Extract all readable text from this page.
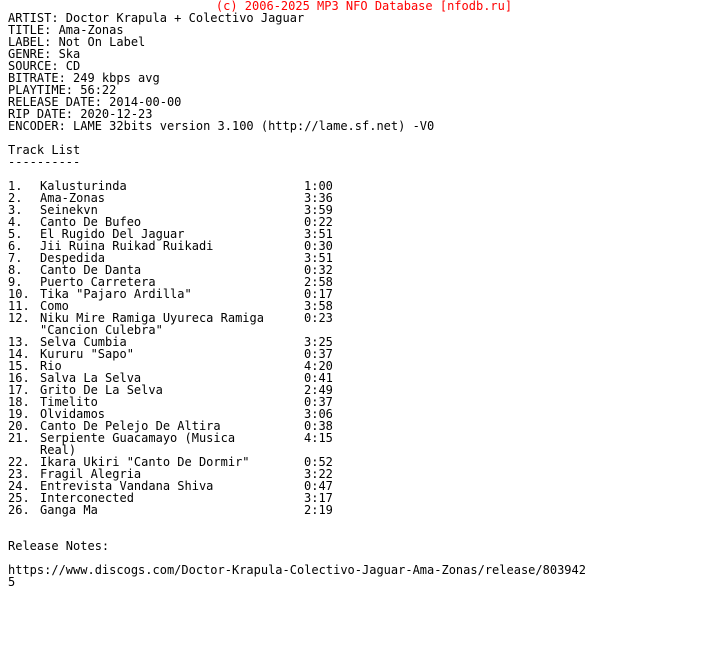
(c) 2006-2025 MP3 NFO Database [nfodb.ru]
ARTIST: Doctor Krapula + Colectivo Jaguar
TITLE: Ama-Zonas
LABEL: Not On Label
GENRE: Ska
SOURCE: CD
BITRATE: 249 kbps avg
PLAYTIME: 56:22
RELEASE DATE: 2014-00-00
RIP DATE: 2020-12-23
ENCODER: LAME 32bits version 3.100 (http://lame.sf.net) -V0
Track List
----------
1.	Kalusturinda	1:00
2.	Ama-Zonas	3:36
3.	Seinekvn	3:59
4.	Canto De Bufeo	0:22
5.	El Rugido Del Jaguar	3:51
6.	Jii Ruina Ruikad Ruikadi	0:30
7.	Despedida	3:51
8.	Canto De Danta	0:32
9.	Puerto Carretera	2:58
10. Tika "Pajaro Ardilla"	0:17
11. Como	3:58
12. Niku Mire Ramiga Uyureca Ramiga	0:23
"Cancion Culebra"
13. Selva Cumbia	3:25
14. Kururu "Sapo"	0:37
15. Rio	4:20
16. Salva La Selva	0:41
17. Grito De La Selva	2:49
18. Timelito	0:37
19. Olvidamos	3:06
20. Canto De Pelejo De Altira	0:38
21. Serpiente Guacamayo (Musica	4:15
Real)
22. Ikara Ukiri "Canto De Dormir"	0:52
23. Fragil Alegria	3:22
24. Entrevista Vandana Shiva	0:47
25. Interconected	3:17
26. Ganga Ma	2:19
Release Notes:
https://www.discogs.com/Doctor-Krapula-Colectivo-Jaguar-Ama-Zonas/release/803942
5
